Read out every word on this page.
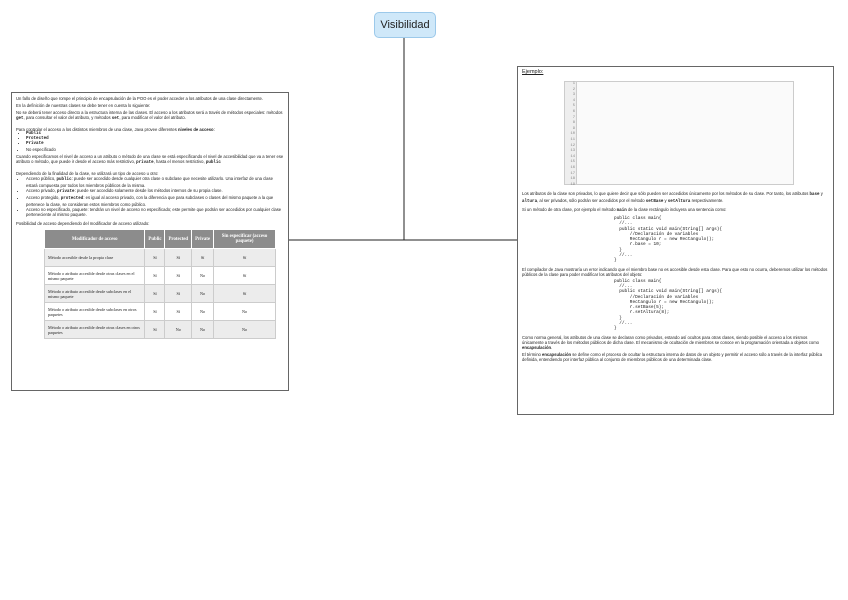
Visibilidad

Un fallo de diseño que rompe el principio de encapsulación de la POO es el poder acceder a los atributos de una clase directamente.

En la definición de nuestras clases se debe tener en cuenta lo siguiente:

No se deberá tener acceso directo a la estructura interna de las clases. El acceso a los atributos será a través de métodos especiales: métodos get, para consultar el valor del atributo, y métodos set, para modificar el valor del atributo.

Para controlar el acceso a los distintos miembros de una clase, Java provee diferentes niveles de acceso:

• Public
• Protected
• Private
• No especificado

Cuando especificamos el nivel de acceso a un atributo o método de una clase se está especificando el nivel de accesibilidad que va a tener ese atributo o método, que puede ir desde el acceso más restrictivo, private, hasta el menos restrictivo, public

Dependiendo de la finalidad de la clase, se utilizará un tipo de acceso u otro:

• Acceso público, public: puede ser accedido desde cualquier otra clase o subclase que necesite utilizarlo. Una interfaz de una clase estará compuesta por todos los miembros públicos de la misma.
• Acceso privado, private: puede ser accedido solamente desde los métodos internos de su propia clase.
• Acceso protegido, protected: es igual al acceso privado, con la diferencia que para subclases o clases del mismo paquete a la que pertenece la clase, se consideran estos miembros como público.
• Acceso no especificado, paquete: tendrán un nivel de acceso no especificado; este permite que podrán ser accedidos por cualquier clase perteneciente al mismo paquete.

Posibilidad de acceso dependiendo del modificador de acceso utilizado:

Modificador de acceso	Public	Protected	Private	Sin especificar (acceso paquete)
Método accesible desde la propia clase	Sí	Sí	Sí	Sí
Método o atributo accesible desde otras clases en el mismo paquete	Sí	Sí	No	Sí
Método o atributo accesible desde subclases en el mismo paquete	Sí	Sí	No	Sí
Método o atributo accesible desde subclases en otros paquetes	Sí	Sí	No	No
Método o atributo accesible desde otras clases en otros paquetes	Sí	No	No	No

Ejemplo:

1
2
3
4
5
6
7
8
9
10
11
12
13
14
15
16
17
18
19

Los atributos de la clase son privados, lo que quiere decir que sólo pueden ser accedidos únicamente por los métodos de su clase. Por tanto, los atributos base y altura, al ser privados, sólo podrán ser accedidos por el método setBase y setAltura respectivamente.

Si un método de otra clase, por ejemplo el método main de la clase rectángulo incluyera una sentencia como:

public class main{
//...
public static void main(String[] args){
//Declaración de variables
Rectangulo r = new Rectangulo();
r.base = 10;
}
//...
}

El compilador de Java mostraría un error indicando que el miembro base no es accesible desde esta clase. Para que esto no ocurra, deberemos utilizar los métodos públicos de la clase para poder modificar los atributos del objeto:

public class main{
//...
public static void main(String[] args){
//Declaración de variables
Rectangulo r = new Rectangulo();
r.setBase(5);
r.setAltura(8);
}
//...
}

Como norma general, los atributos de una clase se declaran como privados, estando así ocultos para otras clases, siendo posible el acceso a los mismos únicamente a través de los métodos públicos de dicha clase. El mecanismo de ocultación de miembros se conoce en la programación orientada a objetos como encapsulación.

El término encapsulación se define como el proceso de ocultar la estructura interna de datos de un objeto y permitir el acceso sólo a través de la interfaz pública definida, entendiendo por interfaz pública al conjunto de miembros públicos de una determinada clase.
